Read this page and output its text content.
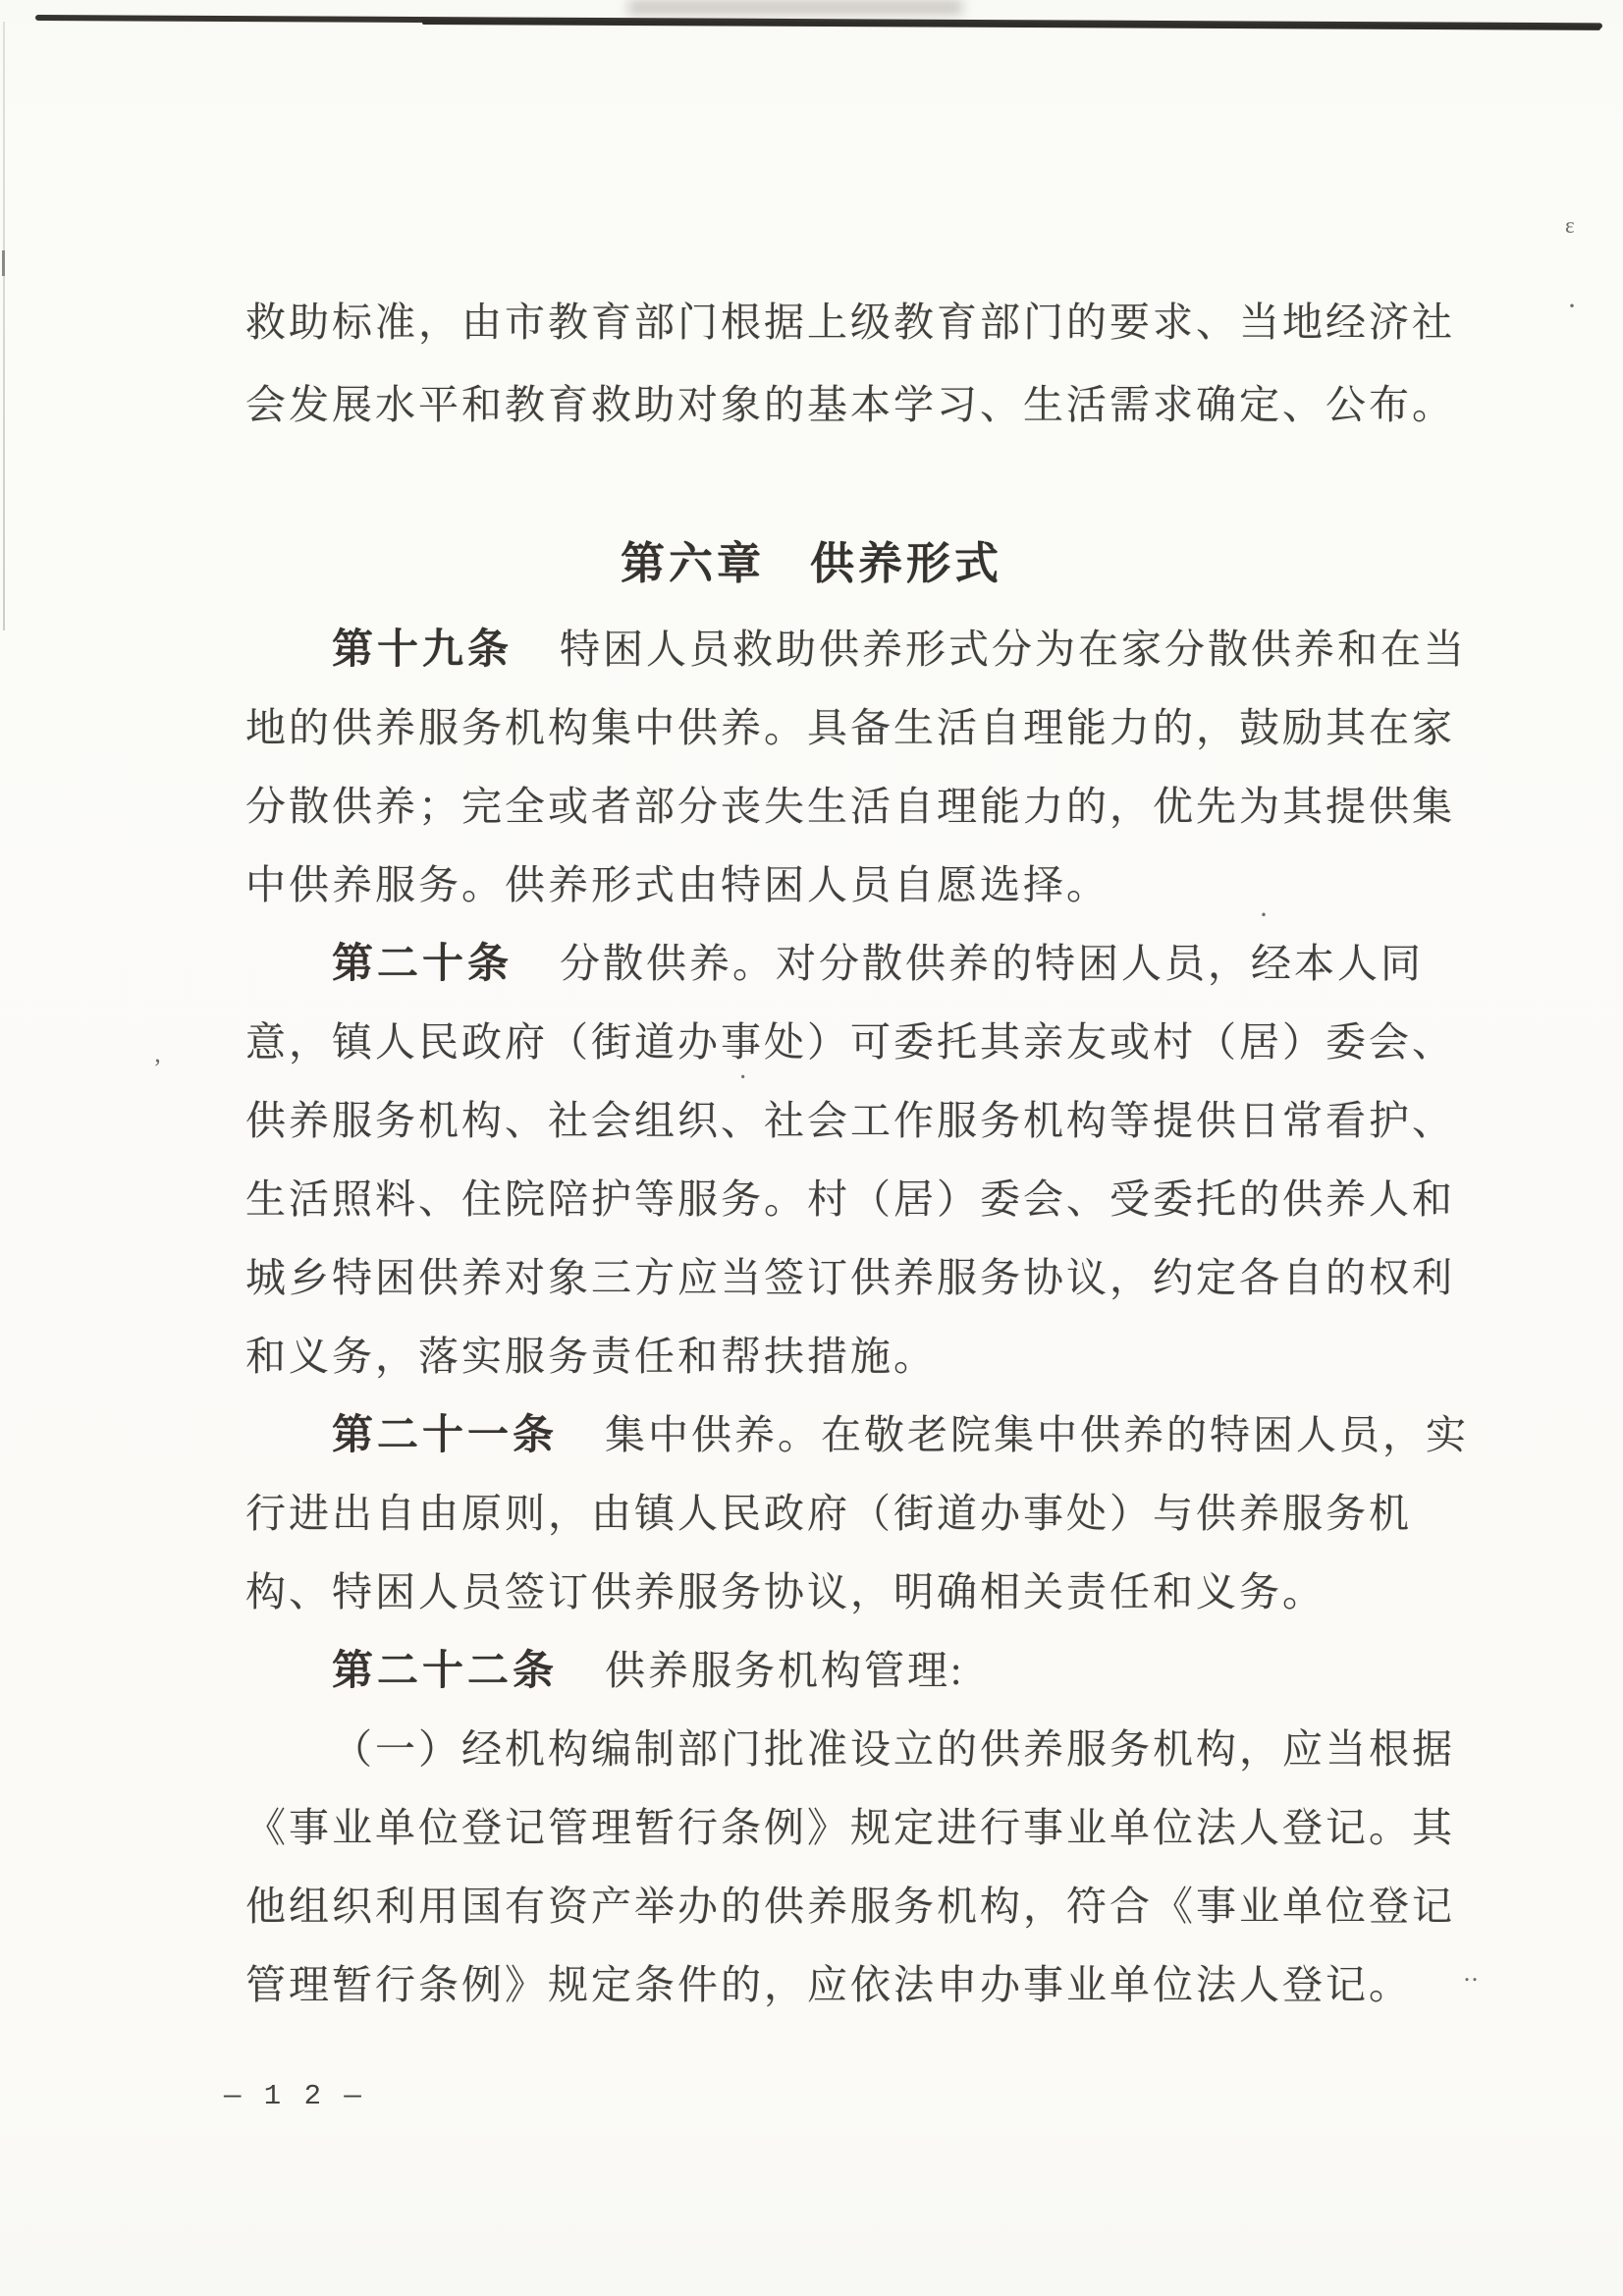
ε
·
·
’	·
‥
救助标准，由市教育部门根据上级教育部门的要求、当地经济社
会发展水平和教育救助对象的基本学习、生活需求确定、公布。
第六章 供养形式
第十九条 特困人员救助供养形式分为在家分散供养和在当
地的供养服务机构集中供养。具备生活自理能力的，鼓励其在家
分散供养；完全或者部分丧失生活自理能力的，优先为其提供集
中供养服务。供养形式由特困人员自愿选择。
第二十条 分散供养。对分散供养的特困人员，经本人同
意，镇人民政府（街道办事处）可委托其亲友或村（居）委会、
供养服务机构、社会组织、社会工作服务机构等提供日常看护、
生活照料、住院陪护等服务。村（居）委会、受委托的供养人和
城乡特困供养对象三方应当签订供养服务协议，约定各自的权利
和义务，落实服务责任和帮扶措施。
第二十一条 集中供养。在敬老院集中供养的特困人员，实
行进出自由原则，由镇人民政府（街道办事处）与供养服务机
构、特困人员签订供养服务协议，明确相关责任和义务。
第二十二条 供养服务机构管理:
（一）经机构编制部门批准设立的供养服务机构，应当根据
《事业单位登记管理暂行条例》规定进行事业单位法人登记。其
他组织利用国有资产举办的供养服务机构，符合《事业单位登记
管理暂行条例》规定条件的，应依法申办事业单位法人登记。
— 1 2 —
